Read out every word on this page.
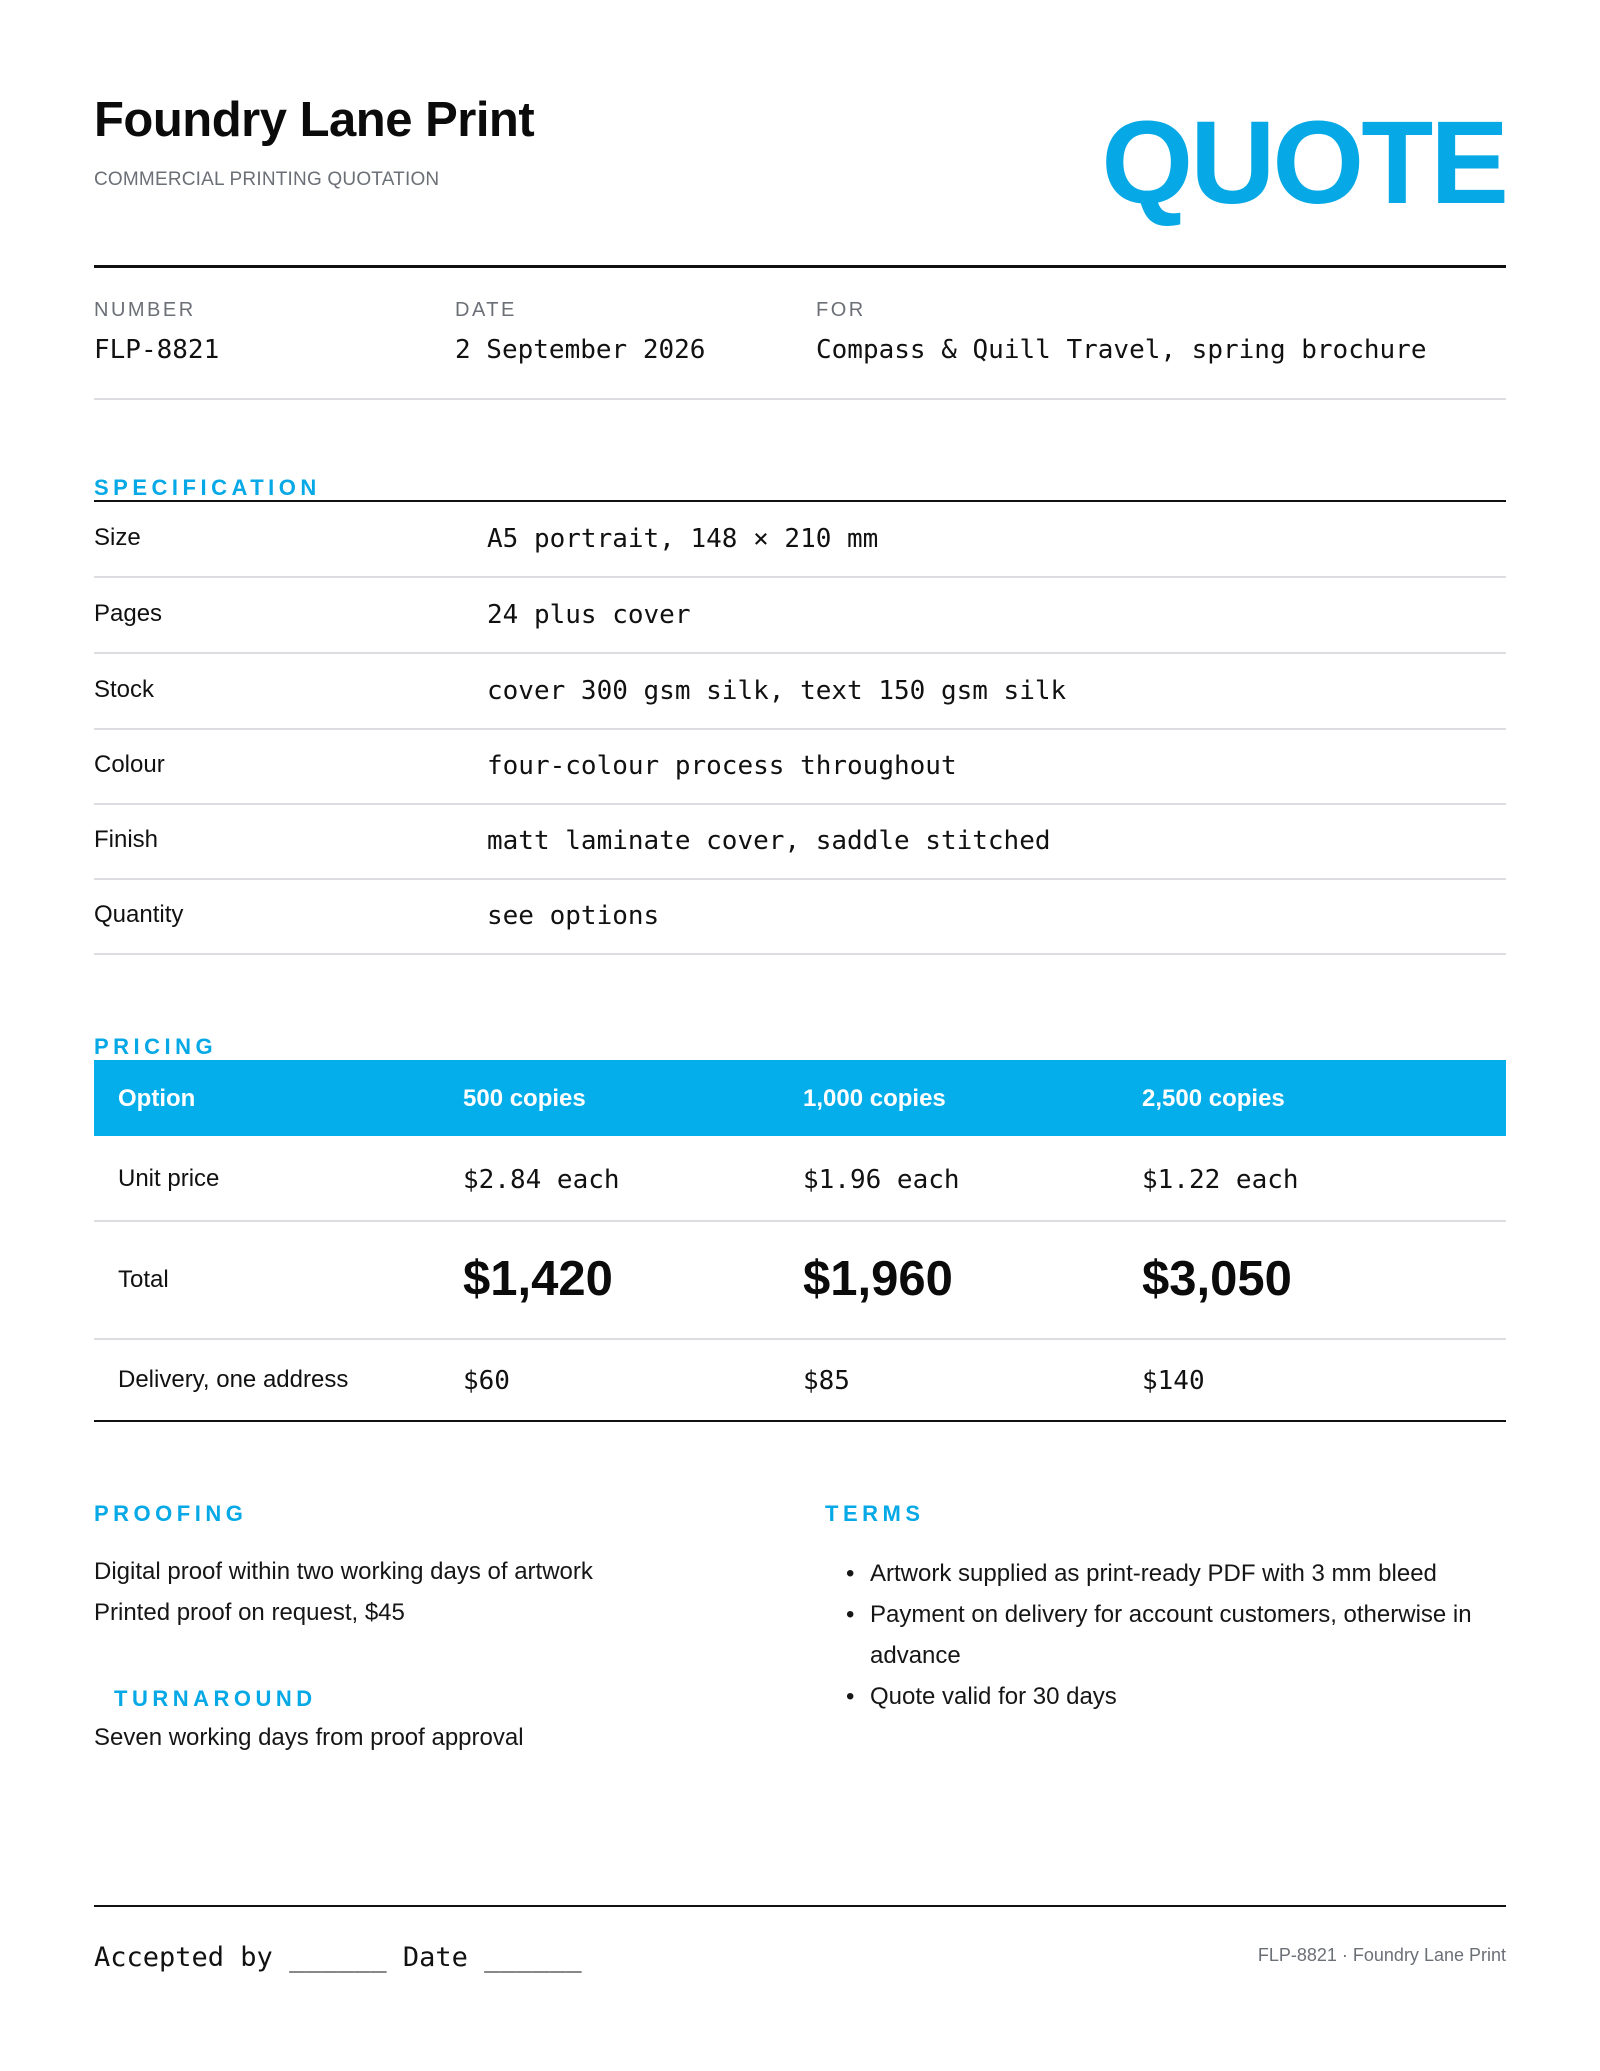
Foundry Lane Print
COMMERCIAL PRINTING QUOTATION	QUOTE
NUMBER
FLP-8821
DATE
2 September 2026
FOR
Compass & Quill Travel, spring brochure
SPECIFICATION
Size	A5 portrait, 148 × 210 mm
Pages	24 plus cover
Stock	cover 300 gsm silk, text 150 gsm silk
Colour	four-colour process throughout
Finish	matt laminate cover, saddle stitched
Quantity	see options
PRICING
Option	500 copies	1,000 copies	2,500 copies
Unit price	$2.84 each	$1.96 each	$1.22 each
Total	$1,420	$1,960	$3,050
Delivery, one address	$60	$85	$140
PROOFING
Digital proof within two working days of artwork
Printed proof on request, $45
TURNAROUND
Seven working days from proof approval
TERMS
• Artwork supplied as print-ready PDF with 3 mm bleed
• Payment on delivery for account customers, otherwise in advance
• Quote valid for 30 days
Accepted by ______ Date ______	FLP-8821 · Foundry Lane Print
